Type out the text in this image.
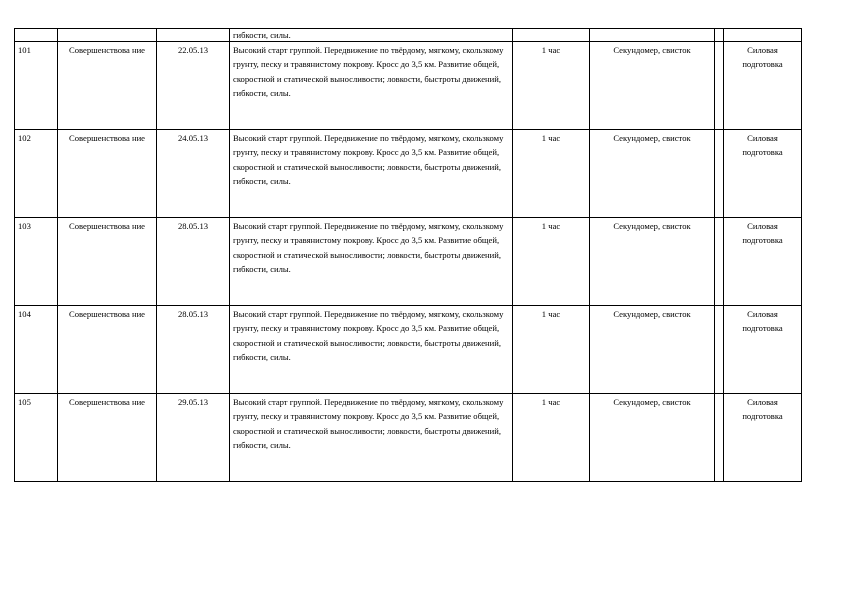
			гибкости, силы.				
101	Совершенствова ние	22.05.13	Высокий старт группой. Передвижение по твёрдому, мягкому, скользкому грунту, песку и травянистому покрову. Кросс до 3,5 км. Развитие общей, скоростной и статической выносливости; ловкости, быстроты движений, гибкости, силы.	1 час	Секундомер, свисток		Силовая подготовка
102	Совершенствова ние	24.05.13	Высокий старт группой. Передвижение по твёрдому, мягкому, скользкому грунту, песку и травянистому покрову. Кросс до 3,5 км. Развитие общей, скоростной и статической выносливости; ловкости, быстроты движений, гибкости, силы.	1 час	Секундомер, свисток		Силовая подготовка
103	Совершенствова ние	28.05.13	Высокий старт группой. Передвижение по твёрдому, мягкому, скользкому грунту, песку и травянистому покрову. Кросс до 3,5 км. Развитие общей, скоростной и статической выносливости; ловкости, быстроты движений, гибкости, силы.	1 час	Секундомер, свисток		Силовая подготовка
104	Совершенствова ние	28.05.13	Высокий старт группой. Передвижение по твёрдому, мягкому, скользкому грунту, песку и травянистому покрову. Кросс до 3,5 км. Развитие общей, скоростной и статической выносливости; ловкости, быстроты движений, гибкости, силы.	1 час	Секундомер, свисток		Силовая подготовка
105	Совершенствова ние	29.05.13	Высокий старт группой. Передвижение по твёрдому, мягкому, скользкому грунту, песку и травянистому покрову. Кросс до 3,5 км. Развитие общей, скоростной и статической выносливости; ловкости, быстроты движений, гибкости, силы.	1 час	Секундомер, свисток		Силовая подготовка
